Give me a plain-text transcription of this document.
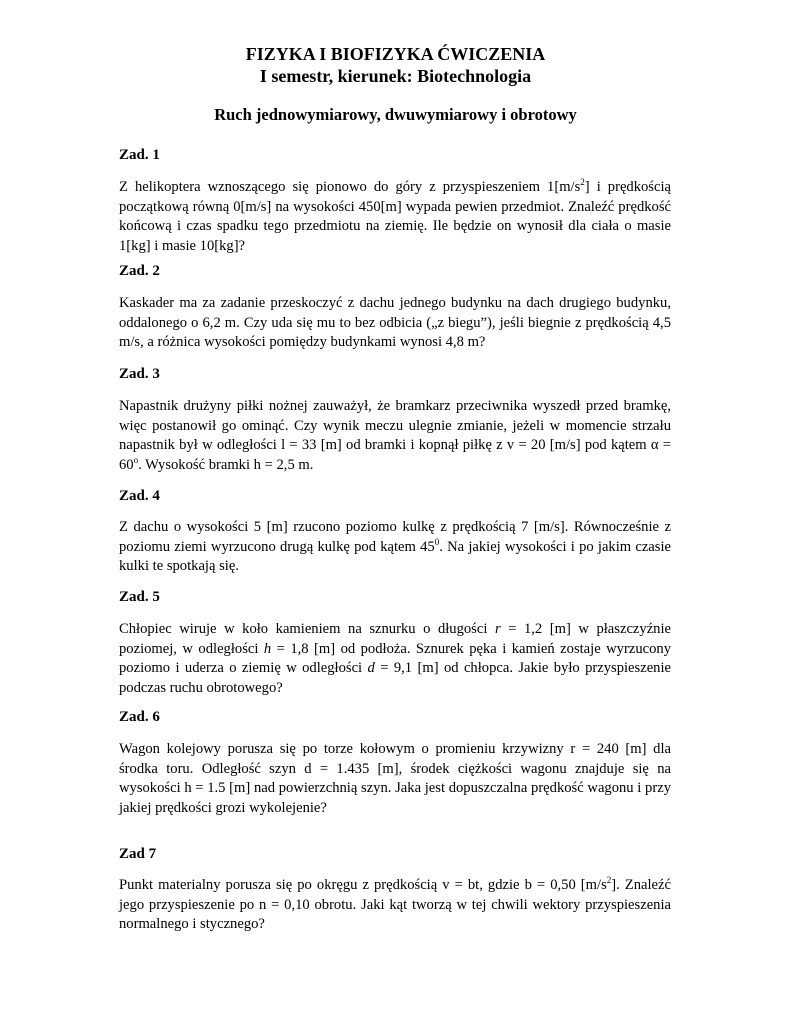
FIZYKA I BIOFIZYKA ĆWICZENIA
I semestr, kierunek: Biotechnologia
Ruch jednowymiarowy, dwuwymiarowy i obrotowy
Zad. 1

Z helikoptera wznoszącego się pionowo do góry z przyspieszeniem $1[m/s^2]$ i prędkością początkową równą 0[m/s] na wysokości 450[m] wypada pewien przedmiot. Znaleźć prędkość końcową i czas spadku tego przedmiotu na ziemię. Ile będzie on wynosił dla ciała o masie 1[kg] i masie 10[kg]?

Zad. 2

Kaskader ma za zadanie przeskoczyć z dachu jednego budynku na dach drugiego budynku, oddalonego o 6,2 m. Czy uda się mu to bez odbicia („z biegu”), jeśli biegnie z prędkością 4,5 m/s, a różnica wysokości pomiędzy budynkami wynosi 4,8 m?

Zad. 3

Napastnik drużyny piłki nożnej zauważył, że bramkarz przeciwnika wyszedł przed bramkę, więc postanowił go ominąć. Czy wynik meczu ulegnie zmianie, jeżeli w momencie strzału napastnik był w odległości l = 33 [m] od bramki i kopnął piłkę z v = 20 [m/s] pod kątem $\alpha = 60^o$. Wysokość bramki h = 2,5 m.

Zad. 4

Z dachu o wysokości 5 [m] rzucono poziomo kulkę z prędkością 7 [m/s]. Równocześnie z poziomu ziemi wyrzucono drugą kulkę pod kątem $45^0$. Na jakiej wysokości i po jakim czasie kulki te spotkają się.

Zad. 5

Chłopiec wiruje w koło kamieniem na sznurku o długości r = 1,2 [m] w płaszczyźnie poziomej, w odległości h = 1,8 [m] od podłoża. Sznurek pęka i kamień zostaje wyrzucony poziomo i uderza o ziemię w odległości d = 9,1 [m] od chłopca. Jakie było przyspieszenie podczas ruchu obrotowego?

Zad. 6

Wagon kolejowy porusza się po torze kołowym o promieniu krzywizny r = 240 [m] dla środka toru. Odległość szyn d = 1.435 [m], środek ciężkości wagonu znajduje się na wysokości h = 1.5 [m] nad powierzchnią szyn. Jaka jest dopuszczalna prędkość wagonu i przy jakiej prędkości grozi wykolejenie?

Zad 7

Punkt materialny porusza się po okręgu z prędkością v = bt, gdzie b = 0,50 $[m/s^2]$. Znaleźć jego przyspieszenie po n = 0,10 obrotu. Jaki kąt tworzą w tej chwili wektory przyspieszenia normalnego i stycznego?
